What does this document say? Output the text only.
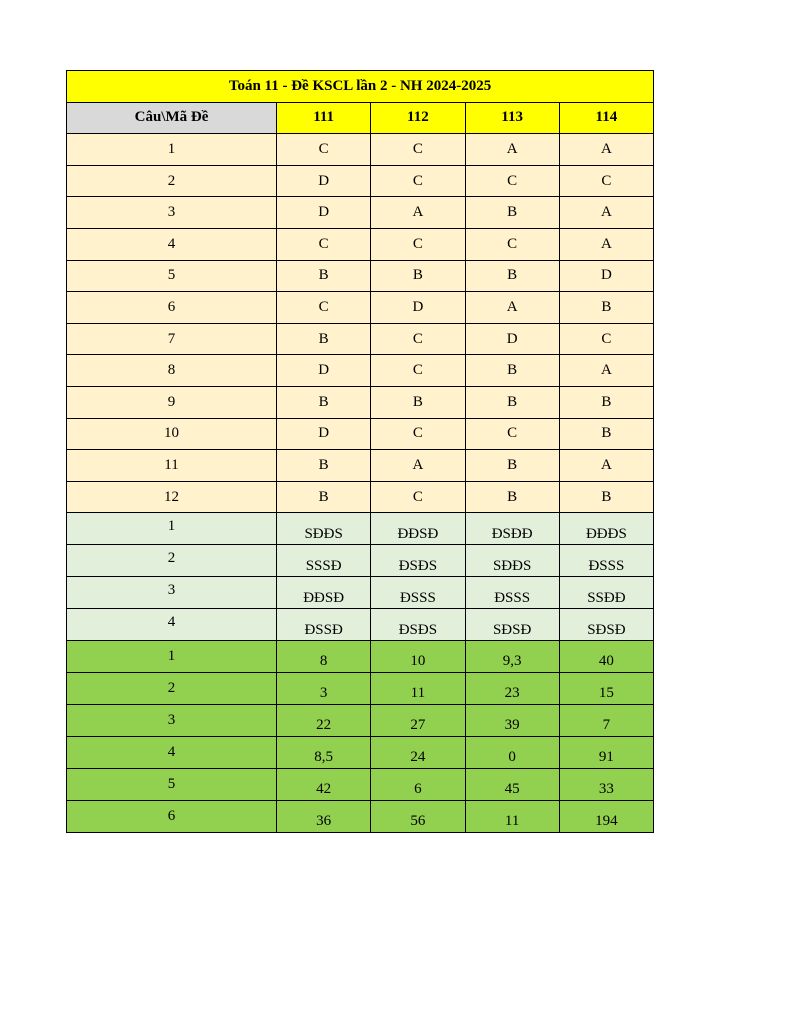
Toán 11 - Đề KSCL lần 2 - NH 2024-2025				
Câu\Mã Đề	111	112	113	114
1	C	C	A	A
2	D	C	C	C
3	D	A	B	A
4	C	C	C	A
5	B	B	B	D
6	C	D	A	B
7	B	C	D	C
8	D	C	B	A
9	B	B	B	B
10	D	C	C	B
11	B	A	B	A
12	B	C	B	B
1	SĐĐS	ĐĐSĐ	ĐSĐĐ	ĐĐĐS
2	SSSĐ	ĐSĐS	SĐĐS	ĐSSS
3	ĐĐSĐ	ĐSSS	ĐSSS	SSĐĐ
4	ĐSSĐ	ĐSĐS	SĐSĐ	SĐSĐ
1	8	10	9,3	40
2	3	11	23	15
3	22	27	39	7
4	8,5	24	0	91
5	42	6	45	33
6	36	56	11	194
